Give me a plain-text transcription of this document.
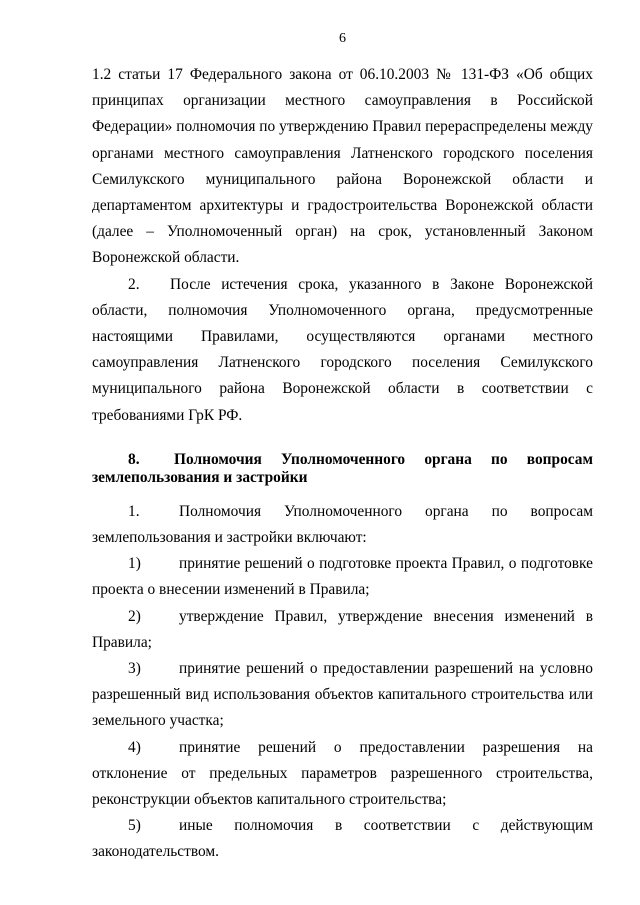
6

1.2 статьи 17 Федерального закона от 06.10.2003 № 131-ФЗ «Об общих принципах организации местного самоуправления в Российской Федерации» полномочия по утверждению Правил перераспределены между органами местного самоуправления Латненского городского поселения Семилукского муниципального района Воронежской области и департаментом архитектуры и градостроительства Воронежской области (далее – Уполномоченный орган) на срок, установленный Законом Воронежской области.

2. После истечения срока, указанного в Законе Воронежской области, полномочия Уполномоченного органа, предусмотренные настоящими Правилами, осуществляются органами местного самоуправления Латненского городского поселения Семилукского муниципального района Воронежской области в соответствии с требованиями ГрК РФ.

8. Полномочия Уполномоченного органа по вопросам землепользования и застройки

1.	Полномочия Уполномоченного органа по вопросам землепользования и застройки включают:

1) принятие решений о подготовке проекта Правил, о подготовке проекта о внесении изменений в Правила;

2) утверждение Правил, утверждение внесения изменений в Правила;

3) принятие решений о предоставлении разрешений на условно разрешенный вид использования объектов капитального строительства или земельного участка;

4) принятие решений о предоставлении разрешения на отклонение от предельных параметров разрешенного строительства, реконструкции объектов капитального строительства;

5) иные полномочия в соответствии с действующим законодательством.
